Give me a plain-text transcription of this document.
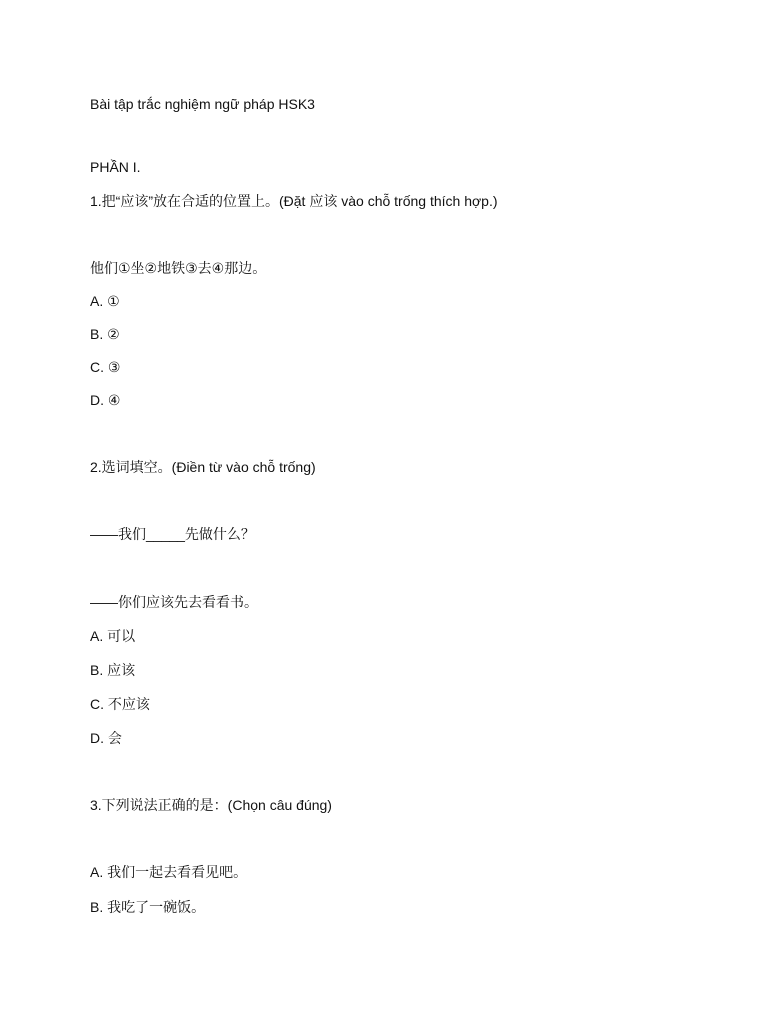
Bài tập trắc nghiệm ngữ pháp HSK3
PHẦN I.
1.把“应该”放在合适的位置上。(Đặt 应该 vào chỗ trống thích hợp.)
他们①坐②地铁③去④那边。
A. ①
B. ②
C. ③
D. ④
2.选词填空。(Điền từ vào chỗ trống)
——我们_____先做什么？
——你们应该先去看看书。
A. 可以
B. 应该
C. 不应该
D. 会
3.下列说法正确的是：(Chọn câu đúng)
A. 我们一起去看看见吧。
B. 我吃了一碗饭。
